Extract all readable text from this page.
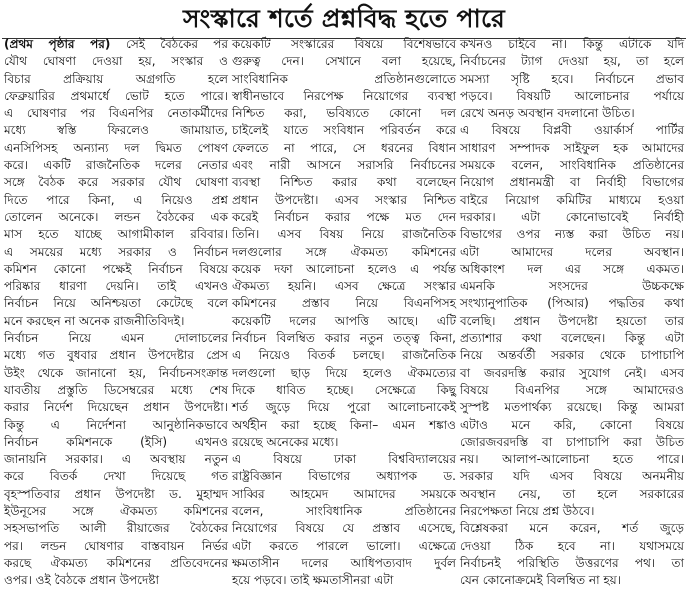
সংস্কারে শর্তে প্রশ্নবিদ্ধ হতে পারে
(প্রথম পৃষ্ঠার পর) সেই বৈঠকের পর
যৌথ ঘোষণা দেওয়া হয়, সংস্কার ও
বিচার প্রক্রিয়ায় অগ্রগতি হলে
ফেব্রুয়ারির প্রথমার্ধে ভোট হতে পারে।
এ ঘোষণার পর বিএনপির নেতাকর্মীদের
মধ্যে স্বস্তি ফিরলেও জামায়াত,
এনসিপিসহ অন্যান্য দল দ্বিমত পোষণ
করে। একটি রাজনৈতিক দলের নেতার
সঙ্গে বৈঠক করে সরকার যৌথ ঘোষণা
দিতে পারে কিনা, এ নিয়েও প্রশ্ন
তোলেন অনেকে। লন্ডন বৈঠকের এক
মাস হতে যাচ্ছে আগামীকাল রবিবার।
এ সময়ের মধ্যে সরকার ও নির্বাচন
কমিশন কোনো পক্ষেই নির্বাচন বিষয়ে
পরিষ্কার ধারণা দেয়নি। তাই এখনও
নির্বাচন নিয়ে অনিশ্চয়তা কেটেছে বলে
মনে করছেন না অনেক রাজনীতিবিদই।
নির্বাচন নিয়ে এমন দোলাচলের
মধ্যে গত বুধবার প্রধান উপদেষ্টার প্রেস
উইং থেকে জানানো হয়, নির্বাচনসংক্রান্ত
যাবতীয় প্রস্তুতি ডিসেম্বরের মধ্যে শেষ
করার নির্দেশ দিয়েছেন প্রধান উপদেষ্টা।
কিন্তু এ নির্দেশনা আনুষ্ঠানিকভাবে
নির্বাচন কমিশনকে (ইসি) এখনও
জানায়নি সরকার। এ অবস্থায় নতুন
করে বিতর্ক দেখা দিয়েছে গত
বৃহস্পতিবার প্রধান উপদেষ্টা ড. মুহাম্মদ
ইউনূসের সঙ্গে ঐকমত্য কমিশনের
সহসভাপতি আলী রীয়াজের বৈঠকের
পর। লন্ডন ঘোষণার বাস্তবায়ন নির্ভর
করছে ঐকমত্য কমিশনের প্রতিবেদনের
ওপর। ওই বৈঠকে প্রধান উপদেষ্টা
কয়েকটি সংস্কারের বিষয়ে বিশেষভাবে
গুরুত্ব দেন। সেখানে বলা হয়েছে,
সাংবিধানিক প্রতিষ্ঠানগুলোতে
স্বাধীনভাবে নিরপেক্ষ নিয়োগের ব্যবস্থা
নিশ্চিত করা, ভবিষ্যতে কোনো দল
চাইলেই যাতে সংবিধান পরিবর্তন করে
ফেলতে না পারে, সে ধরনের বিধান
এবং নারী আসনে সরাসরি নির্বাচনের
ব্যবস্থা নিশ্চিত করার কথা বলেছেন
প্রধান উপদেষ্টা। এসব সংস্কার নিশ্চিত
করেই নির্বাচন করার পক্ষে মত দেন
তিনি। এসব বিষয় নিয়ে রাজনৈতিক
দলগুলোর সঙ্গে ঐকমত্য কমিশনের
কয়েক দফা আলোচনা হলেও এ পর্যন্ত
ঐকমত্য হয়নি। এসব ক্ষেত্রে সংস্কার
কমিশনের প্রস্তাব নিয়ে বিএনপিসহ
কয়েকটি দলের আপত্তি আছে। এটি
নির্বাচন বিলম্বিত করার নতুন তত্ত্ব কিনা,
এ নিয়েও বিতর্ক চলছে। রাজনৈতিক
দলগুলো ছাড় দিয়ে হলেও ঐকমত্যের
দিকে ধাবিত হচ্ছে। সেক্ষেত্রে কিছু
শর্ত জুড়ে দিয়ে পুরো আলোচনাকেই
অর্থহীন করা হচ্ছে কিনা– এমন শঙ্কাও
রয়েছে অনেকের মধ্যে।
এ বিষয়ে ঢাকা বিশ্ববিদ্যালয়ের
রাষ্ট্রবিজ্ঞান বিভাগের অধ্যাপক ড.
সাব্বির আহমেদ আমাদের সময়কে
বলেন, সাংবিধানিক প্রতিষ্ঠানের
নিয়োগের বিষয়ে যে প্রস্তাব এসেছে,
এটা করতে পারলে ভালো। এক্ষেত্রে
ক্ষমতাসীন দলের আধিপত্যবাদ দুর্বল
হয়ে পড়বে। তাই ক্ষমতাসীনরা এটা
কখনও চাইবে না। কিন্তু এটাকে যদি
নির্বাচনের ট্যাগ দেওয়া হয়, তা হলে
সমস্যা সৃষ্টি হবে। নির্বাচনে প্রভাব
পড়বে। বিষয়টি আলোচনার পর্যায়ে
রেখে অনড় অবস্থান বদলানো উচিত।
এ বিষয়ে বিপ্লবী ওয়ার্কার্স পার্টির
সাধারণ সম্পাদক সাইফুল হক আমাদের
সময়কে বলেন, সাংবিধানিক প্রতিষ্ঠানের
নিয়োগ প্রধানমন্ত্রী বা নির্বাহী বিভাগের
বাইরে নিয়োগ কমিটির মাধ্যমে হওয়া
দরকার। এটা কোনোভাবেই নির্বাহী
বিভাগের ওপর ন্যস্ত করা উচিত নয়।
এটা আমাদের দলের অবস্থান।
অধিকাংশ দল এর সঙ্গে একমত।
এমনকি সংসদের উচ্চকক্ষে
সংখ্যানুপাতিক (পিআর) পদ্ধতির কথা
বলেছি। প্রধান উপদেষ্টা হয়তো তার
প্রত্যাশার কথা বলেছেন। কিন্তু এটা
নিয়ে অন্তর্বর্তী সরকার থেকে চাপাচাপি
বা জবরদস্তি করার সুযোগ নেই। এসব
বিষয়ে বিএনপির সঙ্গে আমাদেরও
সুস্পষ্ট মতপার্থক্য রয়েছে। কিন্তু আমরা
এটাও মনে করি, কোনো বিষয়ে
জোরজবরদস্তি বা চাপাচাপি করা উচিত
নয়। আলাপ-আলোচনা হতে পারে।
সরকার যদি এসব বিষয়ে অনমনীয়
অবস্থান নেয়, তা হলে সরকারের
নিরপেক্ষতা নিয়ে প্রশ্ন উঠবে।
বিশ্লেষকরা মনে করেন, শর্ত জুড়ে
দেওয়া ঠিক হবে না। যথাসময়ে
নির্বাচনই পরিস্থিতি উত্তরণের পথ। তা
যেন কোনোক্রমেই বিলম্বিত না হয়।
